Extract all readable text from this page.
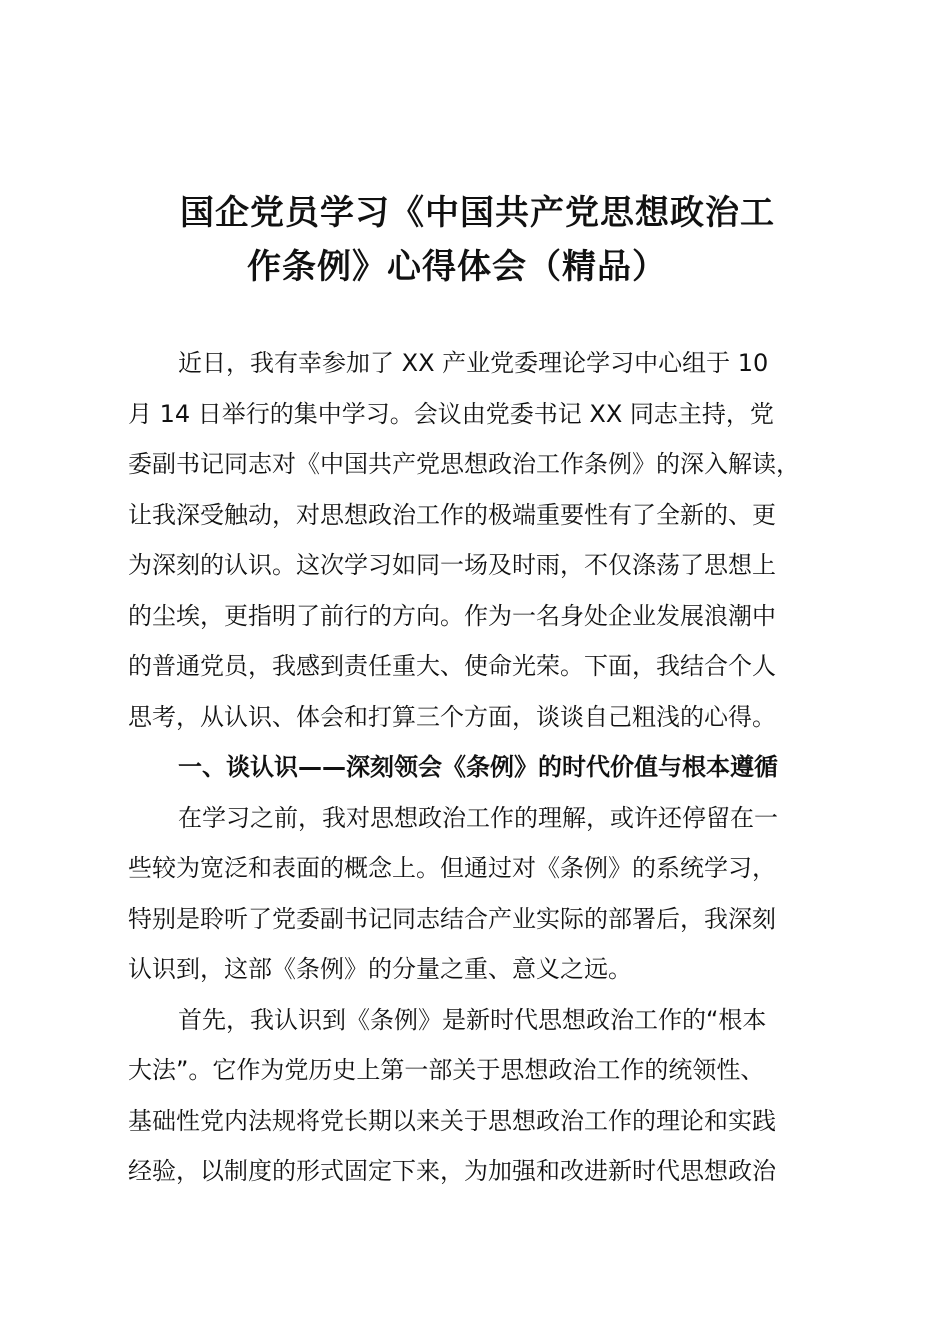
国企党员学习《中国共产党思想政治工
作条例》心得体会（精品）
近日，我有幸参加了 XX 产业党委理论学习中心组于 10
月 14 日举行的集中学习。会议由党委书记 XX 同志主持，党
委副书记同志对《中国共产党思想政治工作条例》的深入解读，
让我深受触动，对思想政治工作的极端重要性有了全新的、更
为深刻的认识。这次学习如同一场及时雨，不仅涤荡了思想上
的尘埃，更指明了前行的方向。作为一名身处企业发展浪潮中
的普通党员，我感到责任重大、使命光荣。下面，我结合个人
思考，从认识、体会和打算三个方面，谈谈自己粗浅的心得。
一、谈认识——深刻领会《条例》的时代价值与根本遵循
在学习之前，我对思想政治工作的理解，或许还停留在一
些较为宽泛和表面的概念上。但通过对《条例》的系统学习，
特别是聆听了党委副书记同志结合产业实际的部署后，我深刻
认识到，这部《条例》的分量之重、意义之远。
首先，我认识到《条例》是新时代思想政治工作的“根本
大法”。它作为党历史上第一部关于思想政治工作的统领性、
基础性党内法规将党长期以来关于思想政治工作的理论和实践
经验，以制度的形式固定下来，为加强和改进新时代思想政治
